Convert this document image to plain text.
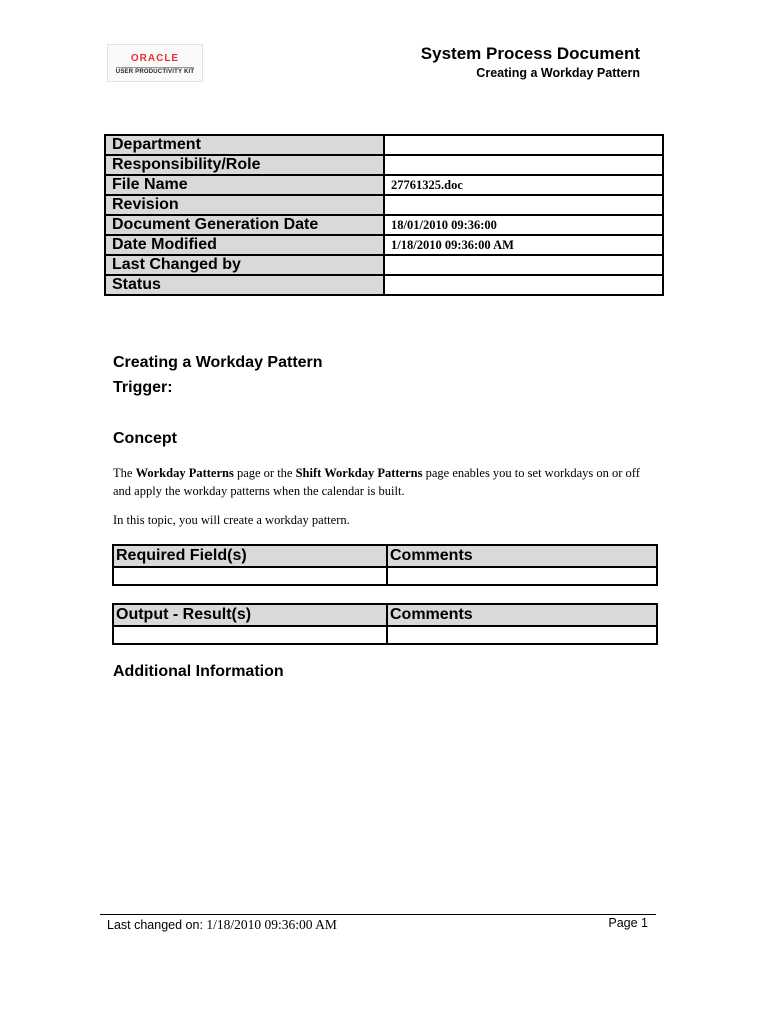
ORACLE
USER PRODUCTIVITY KIT
System Process Document
Creating a Workday Pattern
Department	
Responsibility/Role	
File Name	27761325.doc
Revision	
Document Generation Date	18/01/2010 09:36:00
Date Modified	1/18/2010 09:36:00 AM
Last Changed by	
Status	
Creating a Workday Pattern
Trigger:
Concept
The Workday Patterns page or the Shift Workday Patterns page enables you to set workdays on or off and apply the workday patterns when the calendar is built.
In this topic, you will create a workday pattern.
Required Field(s)	Comments

Output - Result(s)	Comments

Additional Information
Last changed on: 1/18/2010 09:36:00 AM	Page 1
